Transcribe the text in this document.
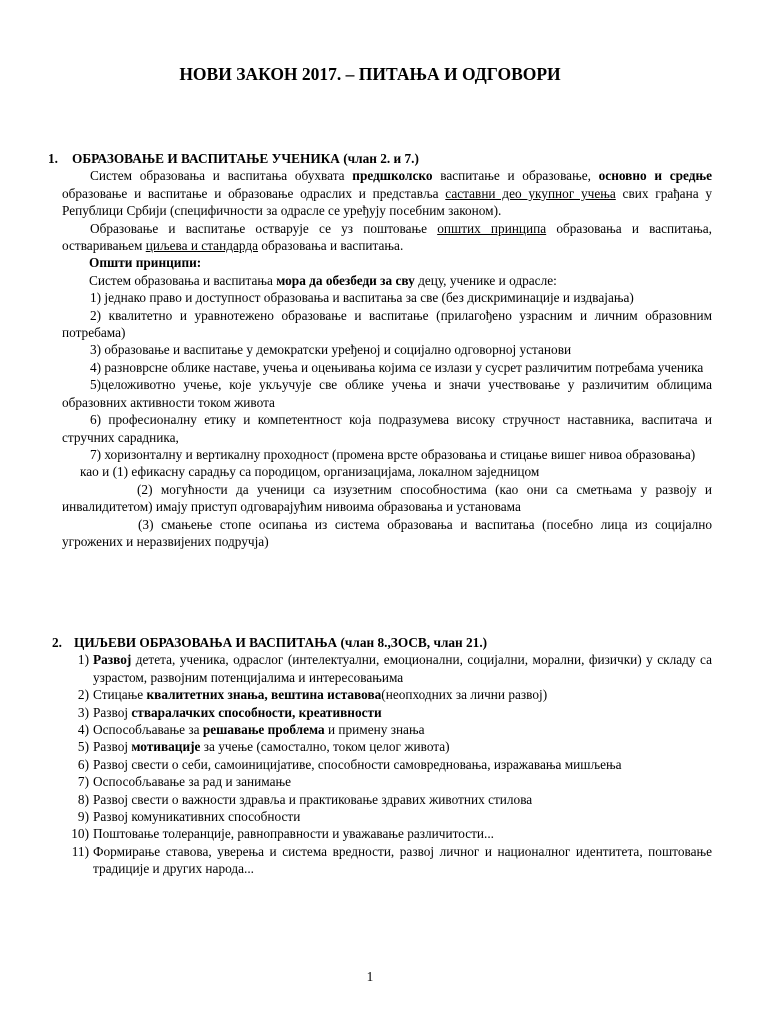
НОВИ ЗАКОН 2017. – ПИТАЊА И ОДГОВОРИ
1. ОБРАЗОВАЊЕ И ВАСПИТАЊЕ УЧЕНИКА (члан 2. и 7.)

Систем образовања и васпитања обухвата предшколско васпитање и образовање, основно и средње образовање и васпитање и образовање одраслих и представља саставни део укупног учења свих грађана у Републици Србији (специфичности за одрасле се уређују посебним законом).

Образовање и васпитање остварује се уз поштовање општих принципа образовања и васпитања, остваривањем циљева и стандарда образовања и васпитања.

Општи принципи:

Систем образовања и васпитања мора да обезбеди за сву децу, ученике и одрасле:

1) једнако право и доступност образовања и васпитања за све (без дискриминације и издвајања)

2) квалитетно и уравнотежено образовање и васпитање (прилагођено узрасним и личним образовним потребама)

3) образовање и васпитање у демократски уређеној и социјално одговорној установи

4) разноврсне облике наставе, учења и оцењивања којима се излази у сусрет различитим потребама ученика

5)целоживотно учење, које укључује све облике учења и значи учествовање у различитим облицима образовних активности током живота

6) професионалну етику и компетентност која подразумева високу стручност наставника, васпитача и стручних сарадника,

7) хоризонталну и вертикалну проходност (промена врсте образовања и стицање вишег нивоа образовања)

као и (1) ефикасну сарадњу са породицом, организацијама, локалном заједницом

(2) могућности да ученици са изузетним способностима (као они са сметњама у развоју и инвалидитетом) имају приступ одговарајућим нивоима образовања и установама

(3) смањење стопе осипања из система образовања и васпитања (посебно лица из социјално угрожених и неразвијених подручја)

2. ЦИЉЕВИ ОБРАЗОВАЊА И ВАСПИТАЊА (члан 8.,ЗОСВ, члан 21.)
1) Развој детета, ученика, одраслог (интелектуални, емоционални, социјални, морални, физички) у складу са узрастом, развојним потенцијалима и интересовањима
2) Стицање квалитетних знања, вештина иставова(неопходних за лични развој)
3) Развој стваралачких способности, креативности
4) Оспособљавање за решавање проблема и примену знања
5) Развој мотивације за учење (самостално, током целог живота)
6) Развој свести о себи, самоиницијативе, способности самовредновања, изражавања мишљења
7) Оспособљавање за рад и занимање
8) Развој свести о важности здравља и практиковање здравих животних стилова
9) Развој комуникативних способности
10) Поштовање толеранције, равноправности и уважавање различитости...
11) Формирање ставова, уверења и система вредности, развој личног и националног идентитета, поштовање традиције и других народа...
1
